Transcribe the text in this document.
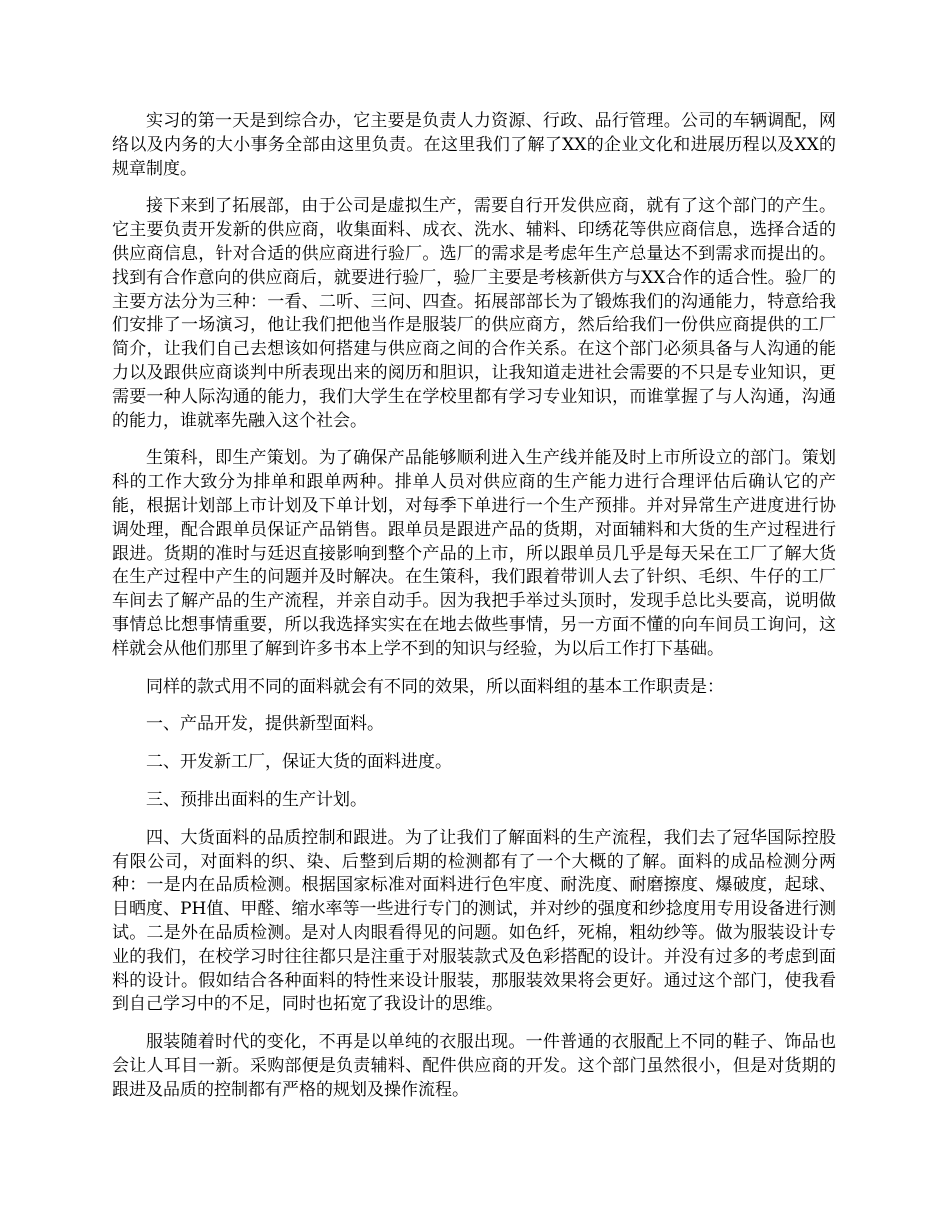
实习的第一天是到综合办，它主要是负责人力资源、行政、品行管理。公司的车辆调配，网络以及内务的大小事务全部由这里负责。在这里我们了解了XX的企业文化和进展历程以及XX的规章制度。

接下来到了拓展部，由于公司是虚拟生产，需要自行开发供应商，就有了这个部门的产生。它主要负责开发新的供应商，收集面料、成衣、洗水、辅料、印绣花等供应商信息，选择合适的供应商信息，针对合适的供应商进行验厂。选厂的需求是考虑年生产总量达不到需求而提出的。找到有合作意向的供应商后，就要进行验厂，验厂主要是考核新供方与XX合作的适合性。验厂的主要方法分为三种：一看、二听、三问、四查。拓展部部长为了锻炼我们的沟通能力，特意给我们安排了一场演习，他让我们把他当作是服装厂的供应商方，然后给我们一份供应商提供的工厂简介，让我们自己去想该如何搭建与供应商之间的合作关系。在这个部门必须具备与人沟通的能力以及跟供应商谈判中所表现出来的阅历和胆识，让我知道走进社会需要的不只是专业知识，更需要一种人际沟通的能力，我们大学生在学校里都有学习专业知识，而谁掌握了与人沟通，沟通的能力，谁就率先融入这个社会。

生策科，即生产策划。为了确保产品能够顺利进入生产线并能及时上市所设立的部门。策划科的工作大致分为排单和跟单两种。排单人员对供应商的生产能力进行合理评估后确认它的产能，根据计划部上市计划及下单计划，对每季下单进行一个生产预排。并对异常生产进度进行协调处理，配合跟单员保证产品销售。跟单员是跟进产品的货期，对面辅料和大货的生产过程进行跟进。货期的准时与廷迟直接影响到整个产品的上市，所以跟单员几乎是每天呆在工厂了解大货在生产过程中产生的问题并及时解决。在生策科，我们跟着带训人去了针织、毛织、牛仔的工厂车间去了解产品的生产流程，并亲自动手。因为我把手举过头顶时，发现手总比头要高，说明做事情总比想事情重要，所以我选择实实在在地去做些事情，另一方面不懂的向车间员工询问，这样就会从他们那里了解到许多书本上学不到的知识与经验，为以后工作打下基础。

同样的款式用不同的面料就会有不同的效果，所以面料组的基本工作职责是：

一、产品开发，提供新型面料。

二、开发新工厂，保证大货的面料进度。

三、预排出面料的生产计划。

四、大货面料的品质控制和跟进。为了让我们了解面料的生产流程，我们去了冠华国际控股有限公司，对面料的织、染、后整到后期的检测都有了一个大概的了解。面料的成品检测分两种：一是内在品质检测。根据国家标准对面料进行色牢度、耐洗度、耐磨擦度、爆破度，起球、日晒度、PH值、甲醛、缩水率等一些进行专门的测试，并对纱的强度和纱捻度用专用设备进行测试。二是外在品质检测。是对人肉眼看得见的问题。如色纤，死棉，粗幼纱等。做为服装设计专业的我们，在校学习时往往都只是注重于对服装款式及色彩搭配的设计。并没有过多的考虑到面料的设计。假如结合各种面料的特性来设计服装，那服装效果将会更好。通过这个部门，使我看到自己学习中的不足，同时也拓宽了我设计的思维。

服装随着时代的变化，不再是以单纯的衣服出现。一件普通的衣服配上不同的鞋子、饰品也会让人耳目一新。采购部便是负责辅料、配件供应商的开发。这个部门虽然很小，但是对货期的跟进及品质的控制都有严格的规划及操作流程。
